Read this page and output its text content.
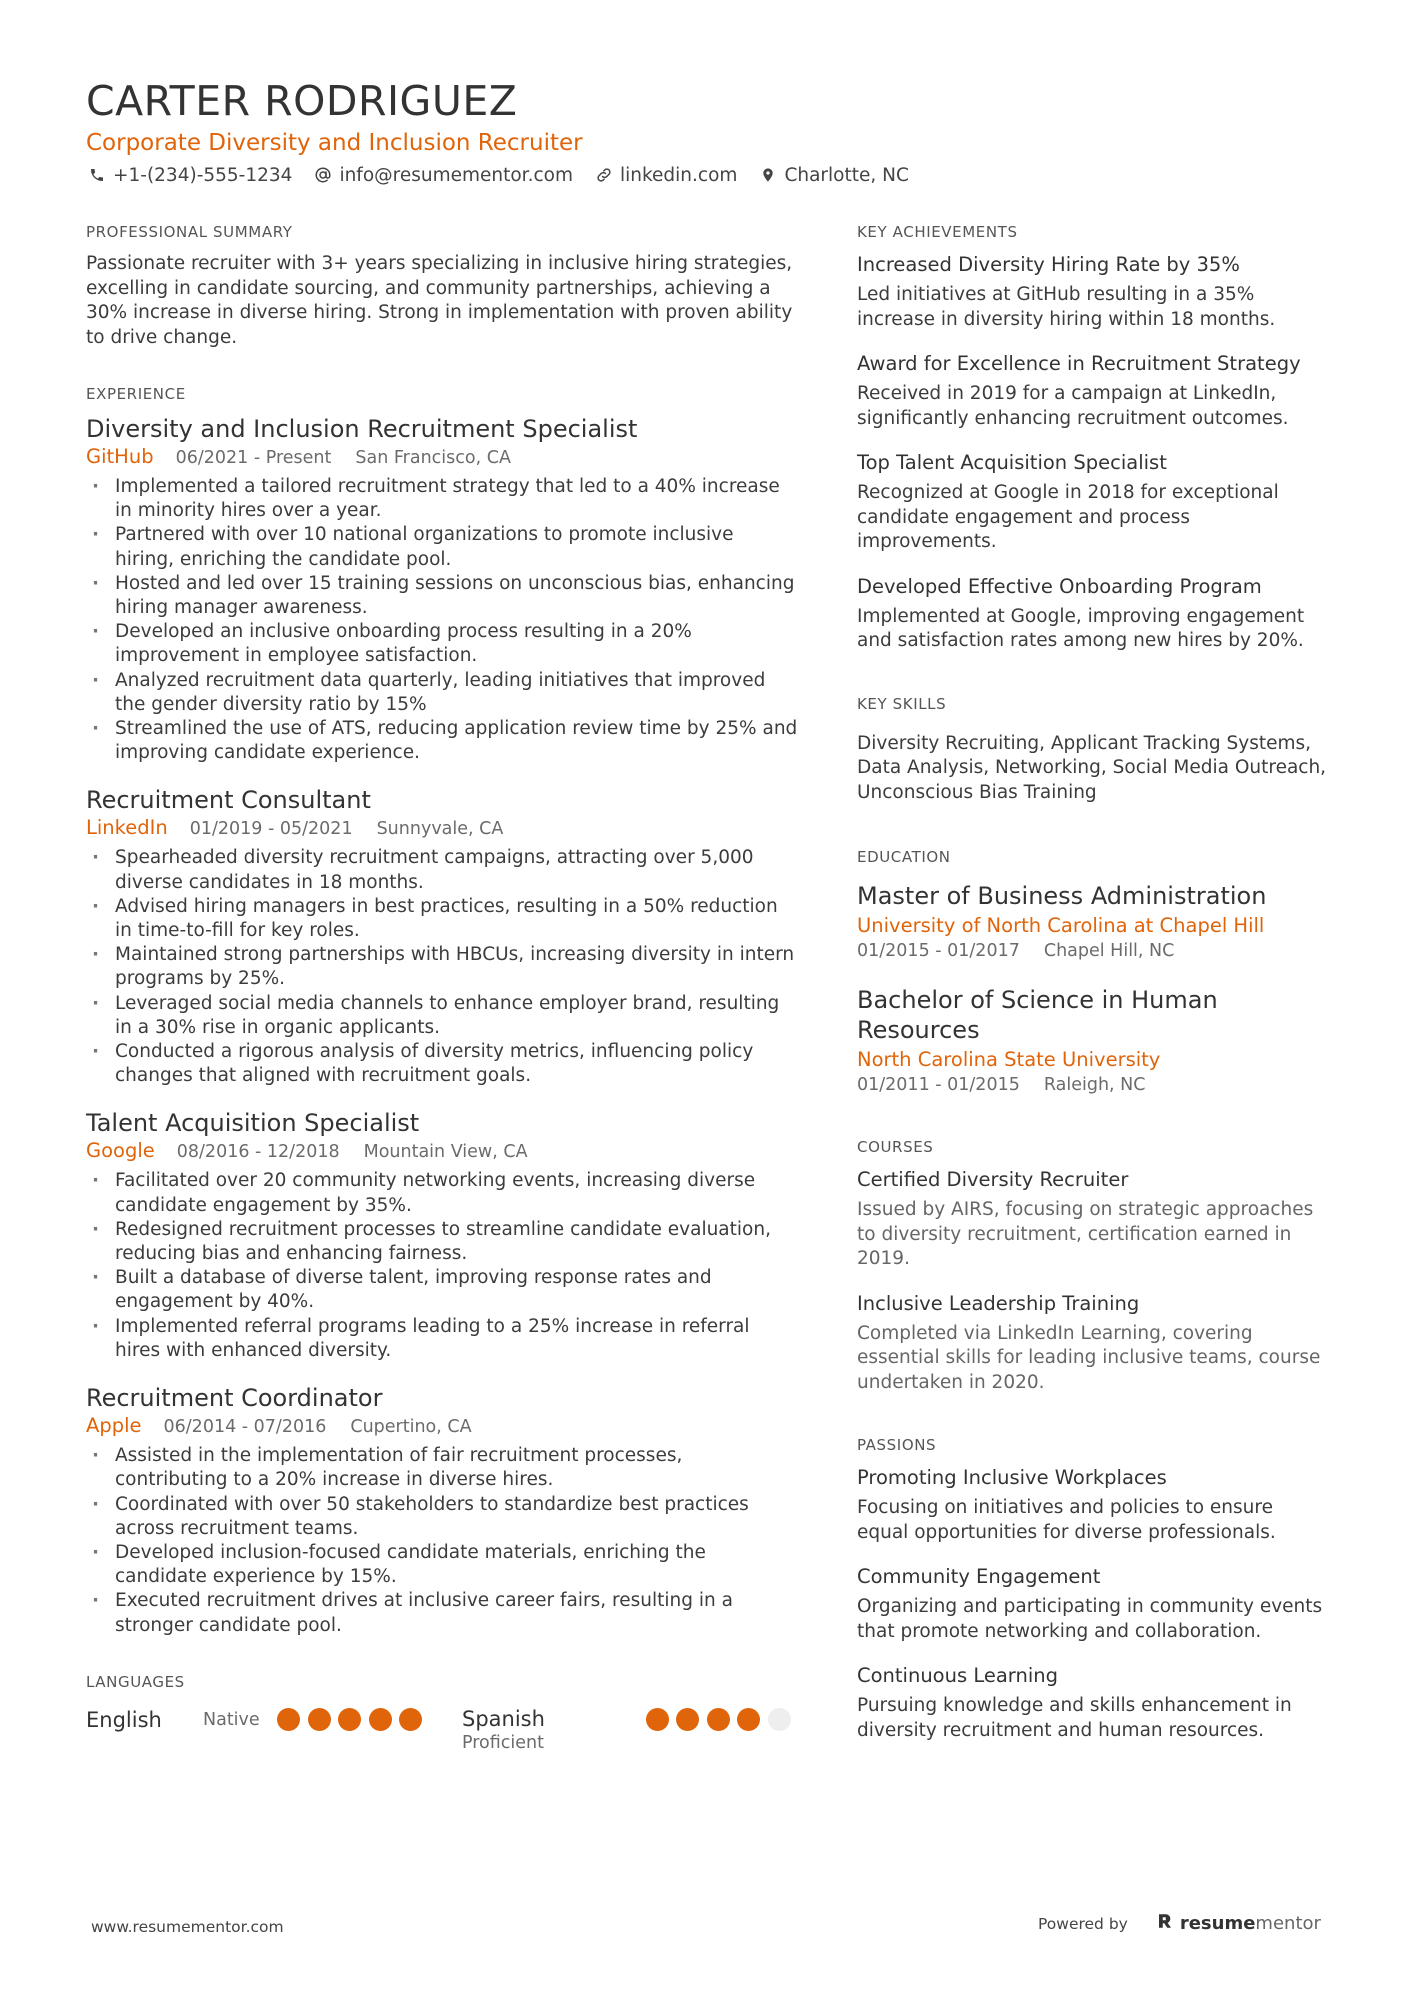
CARTER RODRIGUEZ
Corporate Diversity and Inclusion Recruiter
+1-(234)-555-1234	info@resumementor.com	linkedin.com	Charlotte, NC
PROFESSIONAL SUMMARY
Passionate recruiter with 3+ years specializing in inclusive hiring strategies, excelling in candidate sourcing, and community partnerships, achieving a 30% increase in diverse hiring. Strong in implementation with proven ability to drive change.
EXPERIENCE
Diversity and Inclusion Recruitment Specialist
GitHub 06/2021 - Present San Francisco, CA
· Implemented a tailored recruitment strategy that led to a 40% increase in minority hires over a year.
· Partnered with over 10 national organizations to promote inclusive hiring, enriching the candidate pool.
· Hosted and led over 15 training sessions on unconscious bias, enhancing hiring manager awareness.
· Developed an inclusive onboarding process resulting in a 20% improvement in employee satisfaction.
· Analyzed recruitment data quarterly, leading initiatives that improved the gender diversity ratio by 15%
· Streamlined the use of ATS, reducing application review time by 25% and improving candidate experience.
Recruitment Consultant
LinkedIn 01/2019 - 05/2021 Sunnyvale, CA
· Spearheaded diversity recruitment campaigns, attracting over 5,000 diverse candidates in 18 months.
· Advised hiring managers in best practices, resulting in a 50% reduction in time-to-fill for key roles.
· Maintained strong partnerships with HBCUs, increasing diversity in intern programs by 25%.
· Leveraged social media channels to enhance employer brand, resulting in a 30% rise in organic applicants.
· Conducted a rigorous analysis of diversity metrics, influencing policy changes that aligned with recruitment goals.
Talent Acquisition Specialist
Google 08/2016 - 12/2018 Mountain View, CA
· Facilitated over 20 community networking events, increasing diverse candidate engagement by 35%.
· Redesigned recruitment processes to streamline candidate evaluation, reducing bias and enhancing fairness.
· Built a database of diverse talent, improving response rates and engagement by 40%.
· Implemented referral programs leading to a 25% increase in referral hires with enhanced diversity.
Recruitment Coordinator
Apple 06/2014 - 07/2016 Cupertino, CA
· Assisted in the implementation of fair recruitment processes, contributing to a 20% increase in diverse hires.
· Coordinated with over 50 stakeholders to standardize best practices across recruitment teams.
· Developed inclusion-focused candidate materials, enriching the candidate experience by 15%.
· Executed recruitment drives at inclusive career fairs, resulting in a stronger candidate pool.
LANGUAGES
English	Native	Spanish
Proficient
KEY ACHIEVEMENTS
Increased Diversity Hiring Rate by 35%
Led initiatives at GitHub resulting in a 35% increase in diversity hiring within 18 months.
Award for Excellence in Recruitment Strategy
Received in 2019 for a campaign at LinkedIn, significantly enhancing recruitment outcomes.
Top Talent Acquisition Specialist
Recognized at Google in 2018 for exceptional candidate engagement and process improvements.
Developed Effective Onboarding Program
Implemented at Google, improving engagement and satisfaction rates among new hires by 20%.
KEY SKILLS
Diversity Recruiting, Applicant Tracking Systems, Data Analysis, Networking, Social Media Outreach, Unconscious Bias Training
EDUCATION
Master of Business Administration
University of North Carolina at Chapel Hill
01/2015 - 01/2017 Chapel Hill, NC
Bachelor of Science in Human Resources
North Carolina State University
01/2011 - 01/2015 Raleigh, NC
COURSES
Certified Diversity Recruiter
Issued by AIRS, focusing on strategic approaches to diversity recruitment, certification earned in 2019.
Inclusive Leadership Training
Completed via LinkedIn Learning, covering essential skills for leading inclusive teams, course undertaken in 2020.
PASSIONS
Promoting Inclusive Workplaces
Focusing on initiatives and policies to ensure equal opportunities for diverse professionals.
Community Engagement
Organizing and participating in community events that promote networking and collaboration.
Continuous Learning
Pursuing knowledge and skills enhancement in diversity recruitment and human resources.
www.resumementor.com	Powered by	resume mentor
